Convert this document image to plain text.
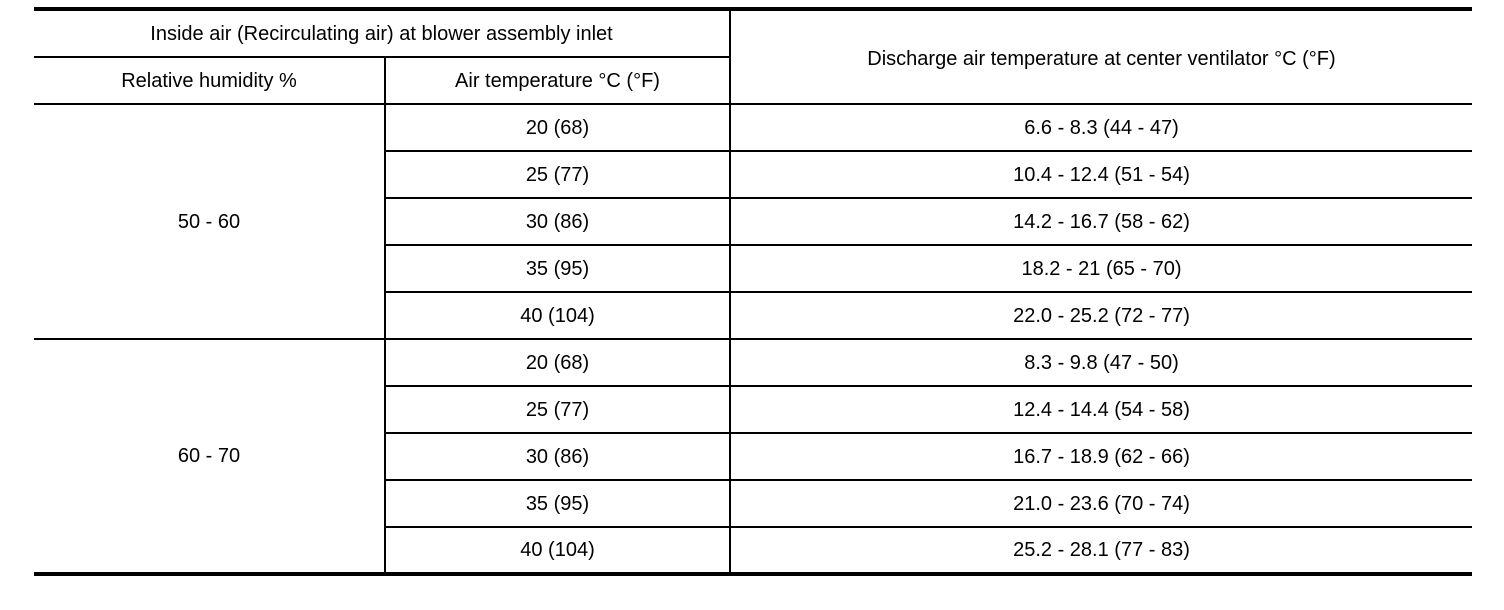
Inside air (Recirculating air) at blower assembly inlet		Discharge air temperature at center ventilator °C (°F)
Relative humidity %	Air temperature °C (°F)	
50 - 60	20 (68)	6.6 - 8.3 (44 - 47)
	25 (77)	10.4 - 12.4 (51 - 54)
	30 (86)	14.2 - 16.7 (58 - 62)
	35 (95)	18.2 - 21 (65 - 70)
	40 (104)	22.0 - 25.2 (72 - 77)
60 - 70	20 (68)	8.3 - 9.8 (47 - 50)
	25 (77)	12.4 - 14.4 (54 - 58)
	30 (86)	16.7 - 18.9 (62 - 66)
	35 (95)	21.0 - 23.6 (70 - 74)
	40 (104)	25.2 - 28.1 (77 - 83)
